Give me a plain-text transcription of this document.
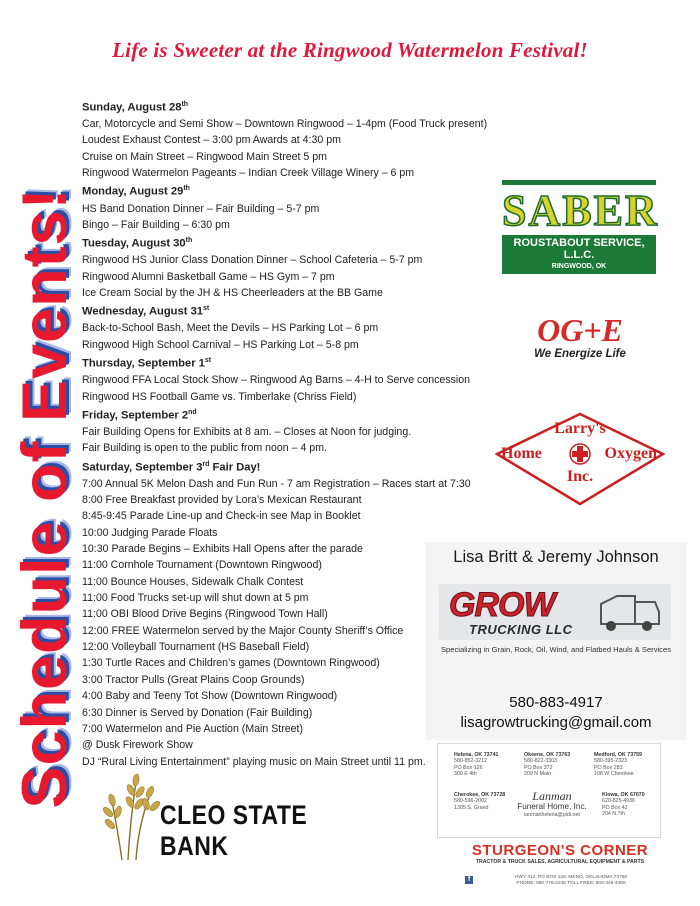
Life is Sweeter at the Ringwood Watermelon Festival!
Schedule of Events!
Sunday, August 28th
Car, Motorcycle and Semi Show – Downtown Ringwood – 1-4pm (Food Truck present)
Loudest Exhaust Contest – 3:00 pm Awards at 4:30 pm
Cruise on Main Street – Ringwood Main Street 5 pm
Ringwood Watermelon Pageants – Indian Creek Village Winery – 6 pm
Monday, August 29th
HS Band Donation Dinner – Fair Building – 5-7 pm
Bingo – Fair Building – 6:30 pm
Tuesday, August 30th
Ringwood HS Junior Class Donation Dinner – School Cafeteria – 5-7 pm
Ringwood Alumni Basketball Game – HS Gym – 7 pm
Ice Cream Social by the JH & HS Cheerleaders at the BB Game
Wednesday, August 31st
Back-to-School Bash, Meet the Devils – HS Parking Lot – 6 pm
Ringwood High School Carnival – HS Parking Lot – 5-8 pm
Thursday, September 1st
Ringwood FFA Local Stock Show – Ringwood Ag Barns – 4-H to Serve concession
Ringwood HS Football Game vs. Timberlake (Chriss Field)
Friday, September 2nd
Fair Building Opens for Exhibits at 8 am. – Closes at Noon for judging.
Fair Building is open to the public from noon – 4 pm.
Saturday, September 3rd Fair Day!
7:00 Annual 5K Melon Dash and Fun Run - 7 am Registration – Races start at 7:30
8:00 Free Breakfast provided by Lora’s Mexican Restaurant
8:45-9:45 Parade Line-up and Check-in see Map in Booklet
10:00 Judging Parade Floats
10:30 Parade Begins – Exhibits Hall Opens after the parade
11:00 Cornhole Tournament (Downtown Ringwood)
11:00 Bounce Houses, Sidewalk Chalk Contest
11:00 Food Trucks set-up will shut down at 5 pm
11:00 OBI Blood Drive Begins (Ringwood Town Hall)
12:00 FREE Watermelon served by the Major County Sheriff’s Office
12:00 Volleyball Tournament (HS Baseball Field)
1:30 Turtle Races and Children’s games (Downtown Ringwood)
3:00 Tractor Pulls (Great Plains Coop Grounds)
4:00 Baby and Teeny Tot Show (Downtown Ringwood)
6:30 Dinner is Served by Donation (Fair Building)
7:00 Watermelon and Pie Auction (Main Street)
@ Dusk Firework Show
DJ “Rural Living Entertainment” playing music on Main Street until 11 pm.
SABER
ROUSTABOUT SERVICE, L.L.C.
RINGWOOD, OK
OG+E
We Energize Life
Larry's
Home	Oxygen
Inc.
Lisa Britt & Jeremy Johnson
GROW
TRUCKING LLC
Specializing in Grain, Rock, Oil, Wind, and Flatbed Hauls & Services
580-883-4917
lisagrowtrucking@gmail.com
Helena, OK 73741
580-852-3212
PO Box 126
309 E 4th
Okeene, OK 73763
580-822-3303
PO Box 372
209 N Main
Medford, OK 73759
580-395-2323
PO Box 283
108 W Cherokee
Cherokee, OK 73728
580-596-2002
1305 S. Grand
Kiowa, OK 67070
620-825-4936
PO Box 42
204 N 7th
Lanman
Funeral Home, Inc.
lanmanhelena@pldi.net
STURGEON'S CORNER
TRACTOR & TRUCK SALES, AGRICULTURAL EQUIPMENT & PARTS
f	HWY 412, PO BOX 128, MENO, OKLAHOMA 73760
PHONE: 580-776-2245 TOLL FREE: 800-345-4456
CLEO STATE BANK
